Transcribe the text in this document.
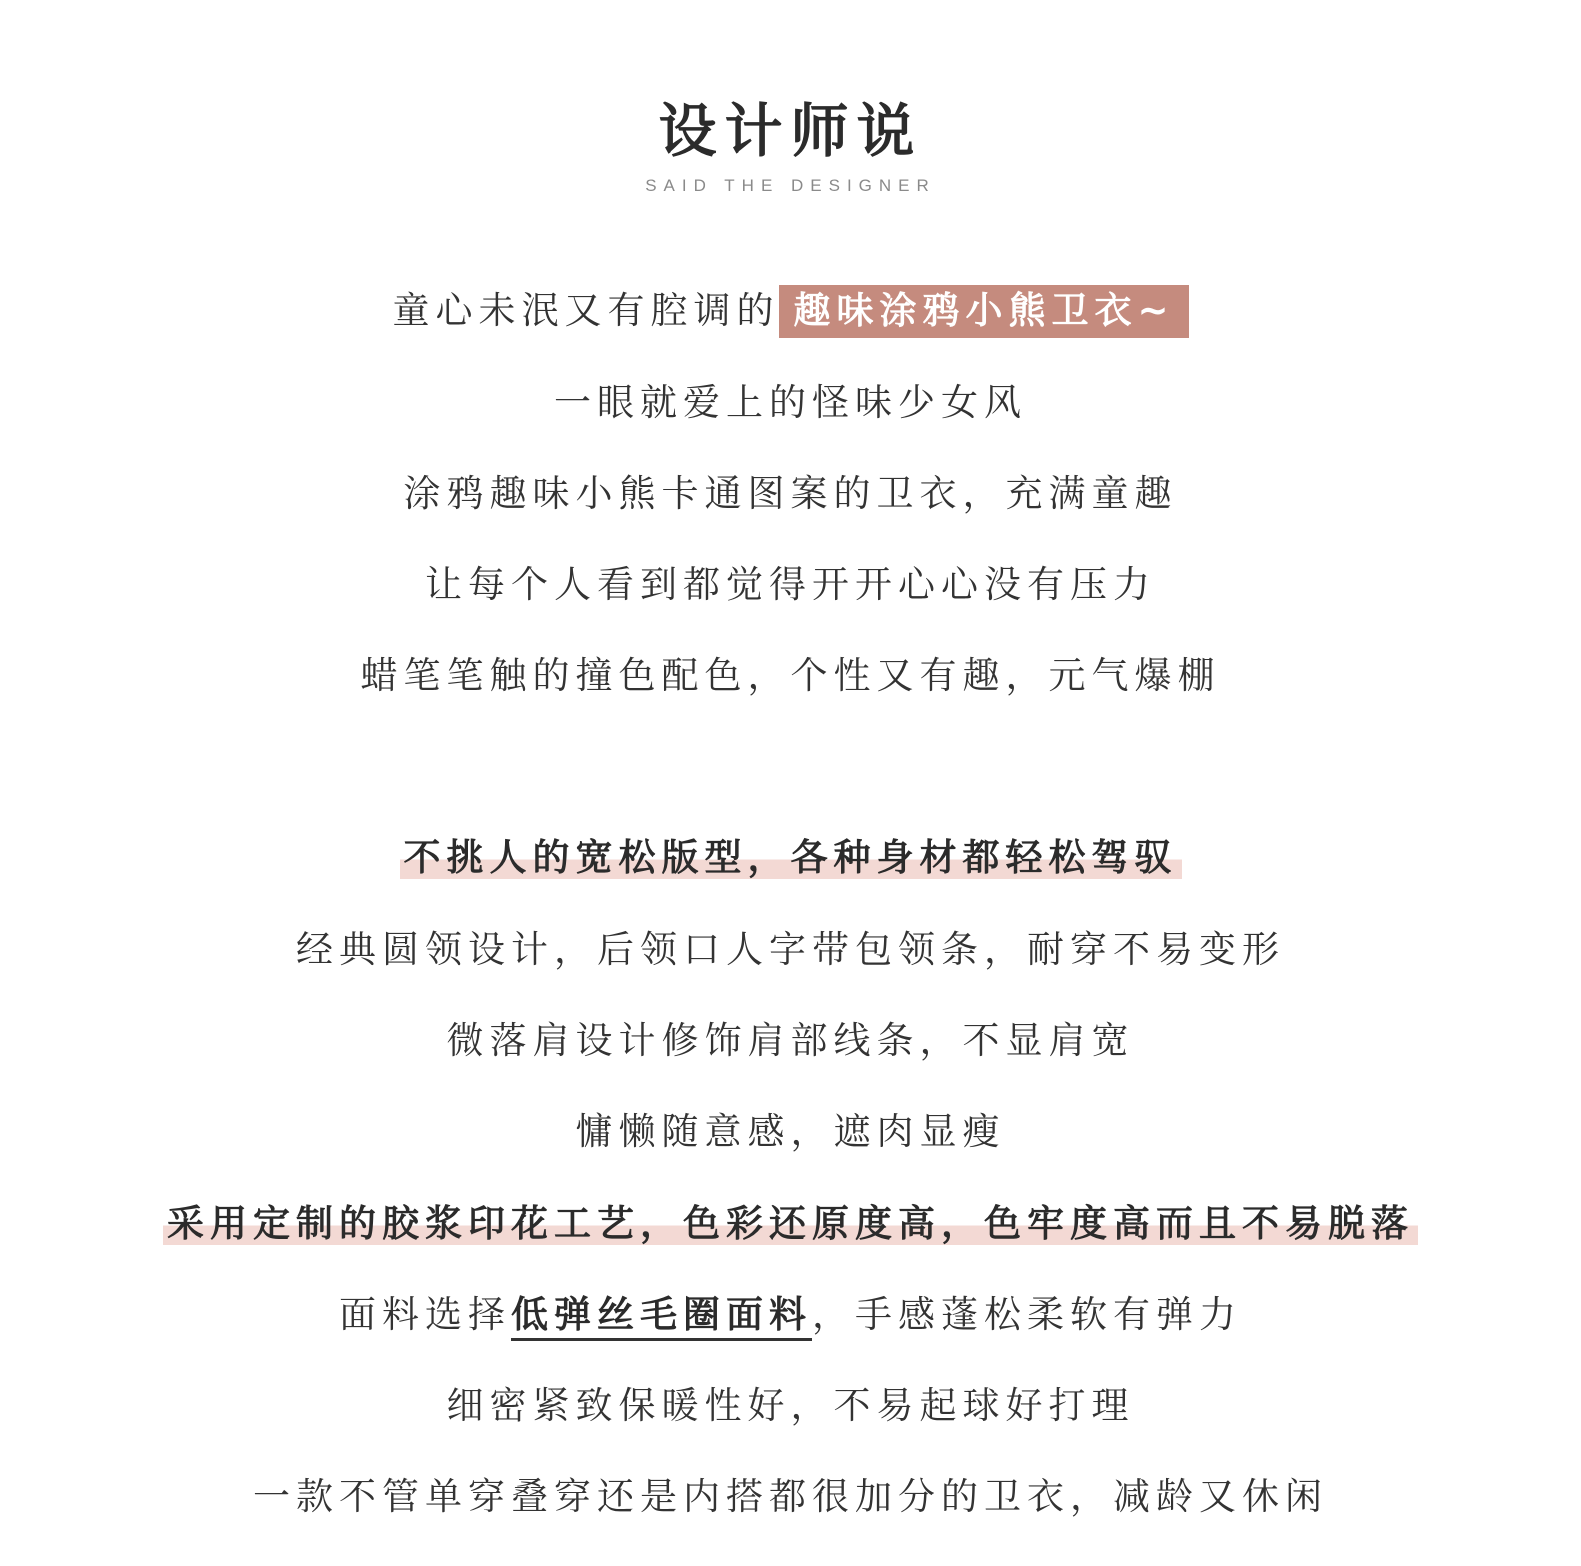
设计师说
SAID THE DESIGNER
童心未泯又有腔调的 趣味涂鸦小熊卫衣~
一眼就爱上的怪味少女风
涂鸦趣味小熊卡通图案的卫衣，充满童趣
让每个人看到都觉得开开心心没有压力
蜡笔笔触的撞色配色，个性又有趣，元气爆棚
不挑人的宽松版型，各种身材都轻松驾驭
经典圆领设计，后领口人字带包领条，耐穿不易变形
微落肩设计修饰肩部线条，不显肩宽
慵懒随意感，遮肉显瘦
采用定制的胶浆印花工艺，色彩还原度高，色牢度高而且不易脱落
面料选择低弹丝毛圈面料，手感蓬松柔软有弹力
细密紧致保暖性好，不易起球好打理
一款不管单穿叠穿还是内搭都很加分的卫衣，减龄又休闲
